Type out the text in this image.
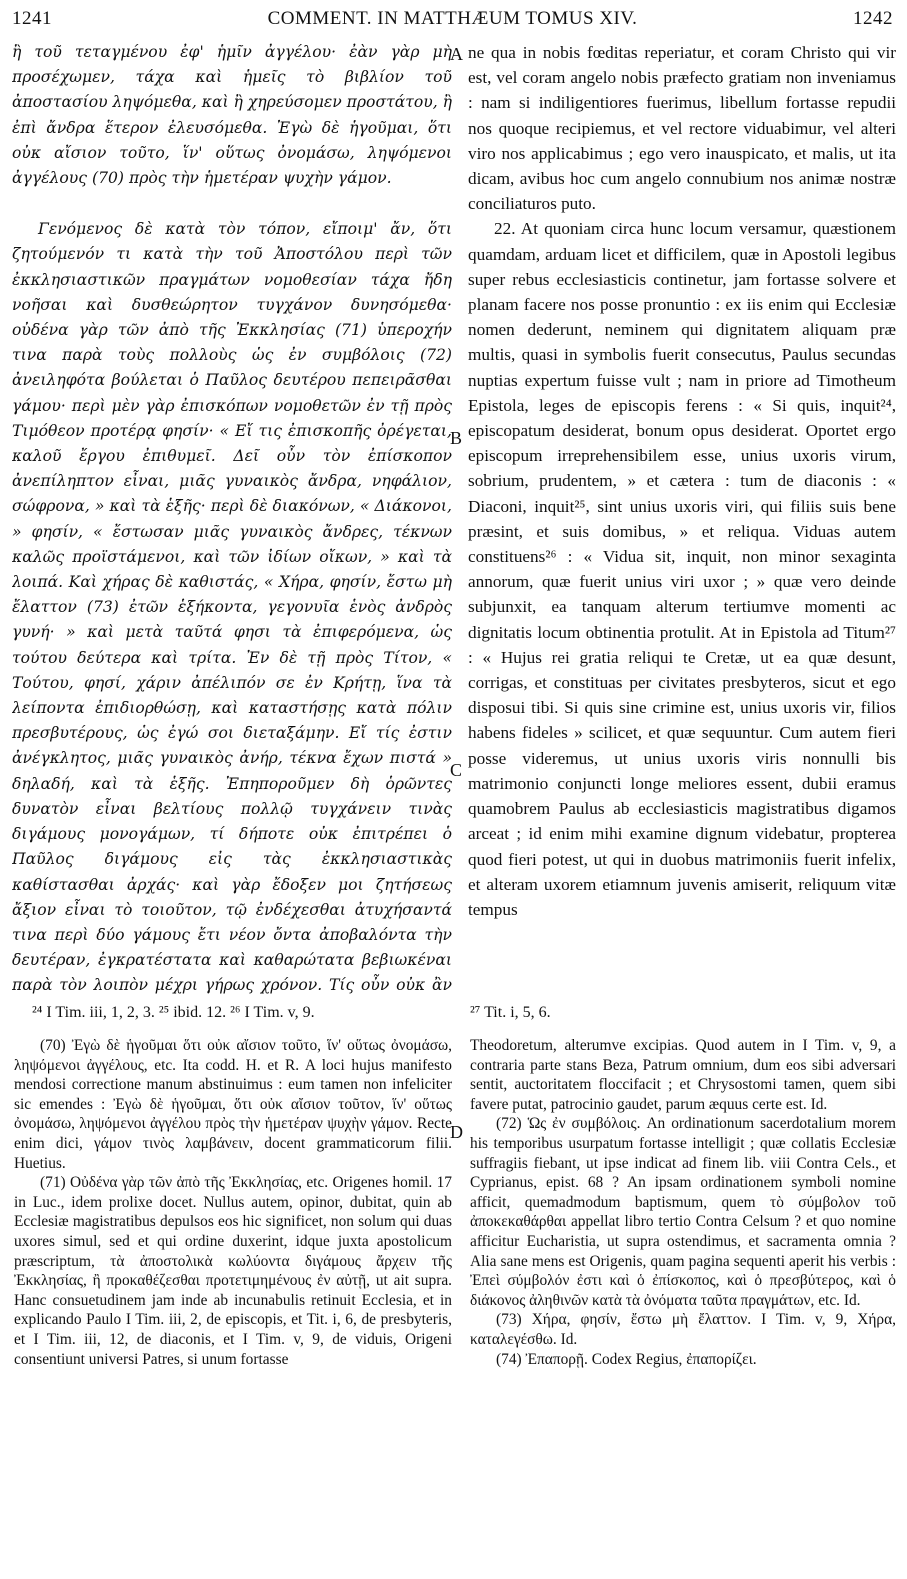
1241	COMMENT. IN MATTHÆUM TOMUS XIV.	1242

ἢ τοῦ τεταγμένου ἐφ' ἡμῖν ἀγγέλου· ἐὰν γὰρ μὴ προσέχωμεν, τάχα καὶ ἡμεῖς τὸ βιβλίον τοῦ ἀποστασίου ληψόμεθα, καὶ ἢ χηρεύσομεν προστάτου, ἢ ἐπὶ ἄνδρα ἕτερον ἐλευσόμεθα. Ἐγὼ δὲ ἡγοῦμαι, ὅτι οὐκ αἴσιον τοῦτο, ἵν' οὕτως ὀνομάσω, ληψόμενοι ἀγγέλους (70) πρὸς τὴν ἡμετέραν ψυχὴν γάμον.

Γενόμενος δὲ κατὰ τὸν τόπον, εἴποιμ' ἄν, ὅτι ζητούμενόν τι κατὰ τὴν τοῦ Ἀποστόλου περὶ τῶν ἐκκλησιαστικῶν πραγμάτων νομοθεσίαν τάχα ἤδη νοῆσαι καὶ δυσθεώρητον τυγχάνον δυνησόμεθα· οὐδένα γὰρ τῶν ἀπὸ τῆς Ἐκκλησίας (71) ὑπεροχήν τινα παρὰ τοὺς πολλοὺς ὡς ἐν συμβόλοις (72) ἀνειληφότα βούλεται ὁ Παῦλος δευτέρου πεπειρᾶσθαι γάμου· περὶ μὲν γὰρ ἐπισκόπων νομοθετῶν ἐν τῇ πρὸς Τιμόθεον προτέρᾳ φησίν· « Εἴ τις ἐπισκοπῆς ὀρέγεται, καλοῦ ἔργου ἐπιθυμεῖ. Δεῖ οὖν τὸν ἐπίσκοπον ἀνεπίληπτον εἶναι, μιᾶς γυναικὸς ἄνδρα, νηφάλιον, σώφρονα, » καὶ τὰ ἑξῆς· περὶ δὲ διακόνων, « Διάκονοι, » φησίν, « ἔστωσαν μιᾶς γυναικὸς ἄνδρες, τέκνων καλῶς προϊστάμενοι, καὶ τῶν ἰδίων οἴκων, » καὶ τὰ λοιπά. Καὶ χήρας δὲ καθιστάς, « Χήρα, φησίν, ἔστω μὴ ἔλαττον (73) ἐτῶν ἑξήκοντα, γεγονυῖα ἑνὸς ἀνδρὸς γυνή· » καὶ μετὰ ταῦτά φησι τὰ ἐπιφερόμενα, ὡς τούτου δεύτερα καὶ τρίτα. Ἐν δὲ τῇ πρὸς Τίτον, « Τούτου, φησί, χάριν ἀπέλιπόν σε ἐν Κρήτῃ, ἵνα τὰ λείποντα ἐπιδιορθώσῃ, καὶ καταστήσῃς κατὰ πόλιν πρεσβυτέρους, ὡς ἐγώ σοι διεταξάμην. Εἴ τίς ἐστιν ἀνέγκλητος, μιᾶς γυναικὸς ἀνήρ, τέκνα ἔχων πιστά » δηλαδή, καὶ τὰ ἑξῆς. Ἐπηπορoῦμεν δὴ ὁρῶντες δυνατὸν εἶναι βελτίους πολλῷ τυγχάνειν τινὰς διγάμους μονογάμων, τί δήποτε οὐκ ἐπιτρέπει ὁ Παῦλος διγάμους εἰς τὰς ἐκκλησιαστικὰς καθίστασθαι ἀρχάς· καὶ γὰρ ἔδοξεν μοι ζητήσεως ἄξιον εἶναι τὸ τοιοῦτον, τῷ ἐνδέχεσθαι ἀτυχήσαντά τινα περὶ δύο γάμους ἔτι νέον ὄντα ἀποβαλόντα τὴν δευτέραν, ἐγκρατέστατα καὶ καθαρώτατα βεβιωκέναι παρὰ τὸν λοιπὸν μέχρι γήρως χρόνον. Τίς οὖν οὐκ ἂν

ne qua in nobis fœditas reperiatur, et coram Christo qui vir est, vel coram angelo nobis præfecto gratiam non inveniamus : nam si indiligentiores fuerimus, libellum fortasse repudii nos quoque recipiemus, et vel rectore viduabimur, vel alteri viro nos applicabimus ; ego vero inauspicato, et malis, ut ita dicam, avibus hoc cum angelo connubium nos animæ nostræ conciliaturos puto.

22. At quoniam circa hunc locum versamur, quæstionem quamdam, arduam licet et difficilem, quæ in Apostoli legibus super rebus ecclesiasticis continetur, jam fortasse solvere et planam facere nos posse pronuntio : ex iis enim qui Ecclesiæ nomen dederunt, neminem qui dignitatem aliquam præ multis, quasi in symbolis fuerit consecutus, Paulus secundas nuptias expertum fuisse vult ; nam in priore ad Timotheum Epistola, leges de episcopis ferens : « Si quis, inquit²⁴, episcopatum desiderat, bonum opus desiderat. Oportet ergo episcopum irreprehensibilem esse, unius uxoris virum, sobrium, prudentem, » et cætera : tum de diaconis : « Diaconi, inquit²⁵, sint unius uxoris viri, qui filiis suis bene præsint, et suis domibus, » et reliqua. Viduas autem constituens²⁶ : « Vidua sit, inquit, non minor sexaginta annorum, quæ fuerit unius viri uxor ; » quæ vero deinde subjunxit, ea tanquam alterum tertiumve momenti ac dignitatis locum obtinentia protulit. At in Epistola ad Titum²⁷ : « Hujus rei gratia reliqui te Cretæ, ut ea quæ desunt, corrigas, et constituas per civitates presbyteros, sicut et ego disposui tibi. Si quis sine crimine est, unius uxoris vir, filios habens fideles » scilicet, et quæ sequuntur. Cum autem fieri posse videremus, ut unius uxoris viris nonnulli bis matrimonio conjuncti longe meliores essent, dubii eramus quamobrem Paulus ab ecclesiasticis magistratibus digamos arceat ; id enim mihi examine dignum videbatur, propterea quod fieri potest, ut qui in duobus matrimoniis fuerit infelix, et alteram uxorem etiamnum juvenis amiserit, reliquum vitæ tempus

A
B
C
D
²⁴ I Tim. iii, 1, 2, 3. ²⁵ ibid. 12. ²⁶ I Tim. v, 9.	²⁷ Tit. i, 5, 6.

(70) Ἐγὼ δὲ ἡγοῦμαι ὅτι οὐκ αἴσιον τοῦτο, ἵν' οὕτως ὀνομάσω, ληψόμενοι ἀγγέλους, etc. Ita codd. H. et R. A loci hujus manifesto mendosi correctione manum abstinuimus : eum tamen non infeliciter sic emendes : Ἐγὼ δὲ ἡγοῦμαι, ὅτι οὐκ αἴσιον τοῦτον, ἵν' οὕτως ὀνομάσω, ληψόμενοι ἀγγέλου πρὸς τὴν ἡμετέραν ψυχὴν γάμον. Recte enim dici, γάμον τινὸς λαμβάνειν, docent grammaticorum filii. Huetius.

(71) Οὐδένα γὰρ τῶν ἀπὸ τῆς Ἐκκλησίας, etc. Origenes homil. 17 in Luc., idem prolixe docet. Nullus autem, opinor, dubitat, quin ab Ecclesiæ magistratibus depulsos eos hic significet, non solum qui duas uxores simul, sed et qui ordine duxerint, idque juxta apostolicum præscriptum, τὰ ἀποστολικὰ κωλύοντα διγάμους ἄρχειν τῆς Ἐκκλησίας, ἢ προκαθέζεσθαι προτετιμημένους ἐν αὐτῇ, ut ait supra. Hanc consuetudinem jam inde ab incunabulis retinuit Ecclesia, et in explicando Paulo I Tim. iii, 2, de episcopis, et Tit. i, 6, de presbyteris, et I Tim. iii, 12, de diaconis, et I Tim. v, 9, de viduis, Origeni consentiunt universi Patres, si unum fortasse

Theodoretum, alterumve excipias. Quod autem in I Tim. v, 9, a contraria parte stans Beza, Patrum omnium, dum eos sibi adversari sentit, auctoritatem floccifacit ; et Chrysostomi tamen, quem sibi favere putat, patrocinio gaudet, parum æquus certe est. Id.

(72) Ὡς ἐν συμβόλοις. An ordinationum sacerdotalium morem his temporibus usurpatum fortasse intelligit ; quæ collatis Ecclesiæ suffragiis fiebant, ut ipse indicat ad finem lib. viii Contra Cels., et Cyprianus, epist. 68 ? An ipsam ordinationem symboli nomine afficit, quemadmodum baptismum, quem τὸ σύμβολον τοῦ ἀποκεκαθάρθαι appellat libro tertio Contra Celsum ? et quo nomine afficitur Eucharistia, ut supra ostendimus, et sacramenta omnia ? Alia sane mens est Origenis, quam pagina sequenti aperit his verbis : Ἐπεὶ σύμβολόν ἐστι καὶ ὁ ἐπίσκοπος, καὶ ὁ πρεσβύτερος, καὶ ὁ διάκονος ἀληθινῶν κατὰ τὰ ὀνόματα ταῦτα πραγμάτων, etc. Id.

(73) Χήρα, φησίν, ἔστω μὴ ἔλαττον. I Tim. v, 9, Χήρα, καταλεγέσθω. Id.

(74) Ἐπαπορῇ. Codex Regius, ἐπαπορίζει.
